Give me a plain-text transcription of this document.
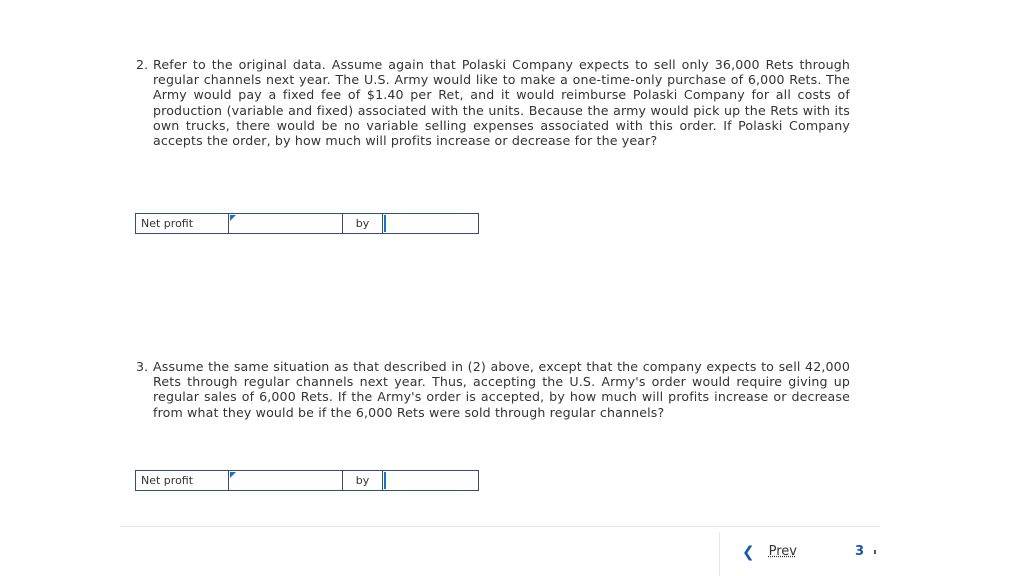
2. Refer to the original data. Assume again that Polaski Company expects to sell only 36,000 Rets through regular channels next year. The U.S. Army would like to make a one-time-only purchase of 6,000 Rets. The Army would pay a fixed fee of $1.40 per Ret, and it would reimburse Polaski Company for all costs of production (variable and fixed) associated with the units. Because the army would pick up the Rets with its own trucks, there would be no variable selling expenses associated with this order. If Polaski Company accepts the order, by how much will profits increase or decrease for the year?
Net profit	by
3. Assume the same situation as that described in (2) above, except that the company expects to sell 42,000 Rets through regular channels next year. Thus, accepting the U.S. Army's order would require giving up regular sales of 6,000 Rets. If the Army's order is accepted, by how much will profits increase or decrease from what they would be if the 6,000 Rets were sold through regular channels?
Net profit	by
❮ Prev	3
